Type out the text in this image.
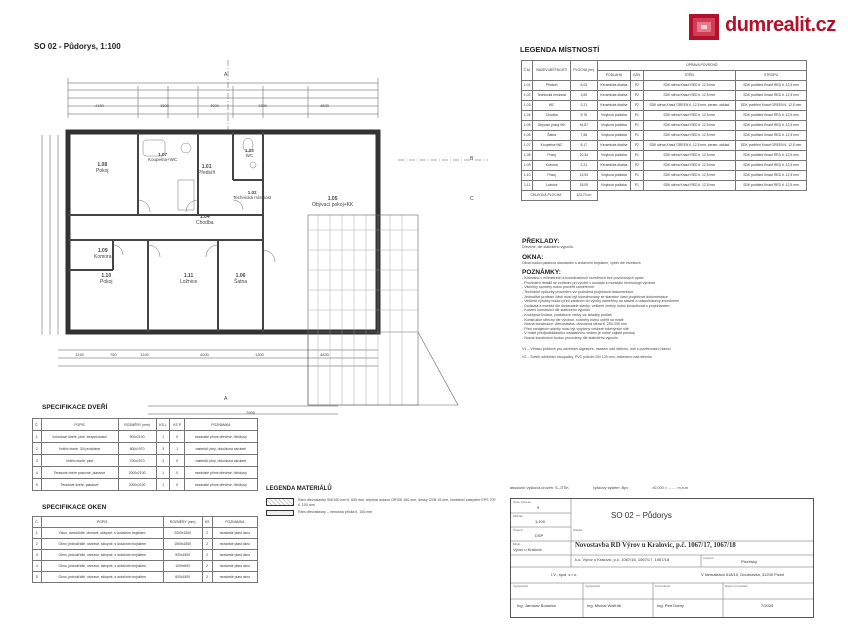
dumrealit.cz
SO 02 - Půdorys, 1:100
1.08
Pokoj
1.07
Koupelna+WC
1.01
Předsíň
1.03
WC
1.02
Technická místnost
1.04
Chodba
1.05
Obývací pokoj+KK
1.09
Komora
1.10
Pokoj
1.11
Ložnice
1.06
Šatna
4150	1500	4000	1300	4830
1240	750	1240	4000	1300	4830
7955
A
A
B
C
LEGENDA MÍSTNOSTÍ
Č.M.	NÁZEV MÍSTNOSTI	PLOCHA (m²)	ÚPRAVA POVRCHŮ			
			PODLAHA	OZN.	STĚN	STROPU
1.01	Předsíň	6,03	Keramická dlažba	P2	SDK stěna Knauf RED tl. 12,5 mm	SDK podhled Knauf RED tl. 12,5 mm
1.02	Technická místnost	3,69	Keramická dlažba	P2	SDK stěna Knauf RED tl. 12,5 mm	SDK podhled Knauf RED tl. 12,5 mm
1.03	WC	2,21	Keramická dlažba	P2	SDK stěna Knauf GREEN tl. 12,5 mm, keram. obklad	SDK podhled Knauf GREEN tl. 12,5 mm
1.04	Chodba	9,76	Vinylová podlaha	P1	SDK stěna Knauf RED tl. 12,5 mm	SDK podhled Knauf RED tl. 12,5 mm
1.05	Obývací pokoj+KK	44,87	Vinylová podlaha	P1	SDK stěna Knauf RED tl. 12,5 mm	SDK podhled Knauf RED tl. 12,5 mm
1.06	Šatna	7,55	Vinylová podlaha	P1	SDK stěna Knauf RED tl. 12,5 mm	SDK podhled Knauf RED tl. 12,5 mm
1.07	Koupelna+WC	8,17	Keramická dlažba	P2	SDK stěna Knauf GREEN tl. 12,5 mm, keram. obklad	SDK podhled Knauf GREEN tl. 12,5 mm
1.08	Pokoj	10,34	Vinylová podlaha	P1	SDK stěna Knauf RED tl. 12,5 mm	SDK podhled Knauf RED tl. 12,5 mm
1.09	Komora	2,21	Keramická dlažba	P2	SDK stěna Knauf RED tl. 12,5 mm	SDK podhled Knauf RED tl. 12,5 mm
1.10	Pokoj	13,94	Vinylová podlaha	P1	SDK stěna Knauf RED tl. 12,5 mm	SDK podhled Knauf RED tl. 12,5 mm
1.11	Ložnice	15,05	Vinylová podlaha	P1	SDK stěna Knauf RED tl. 12,5 mm	SDK podhled Knauf RED tl. 12,5 mm
CELKOVÁ PLOCHA		123,73 m²				
PŘEKLADY:
Dřevěné, dle statického výpočtu.
OKNA:
Okna budou plastová standardní s izolačním trojsklem, výběr dle investora
POZNÁMKY:
- Kótováno v milimetrech a koordinačních rozměrech bez povrchových úprav
- Provedení detailů se zohlední při výrobě v souladu s montážní technologií výrobce
- Všechny rozměry nutno prověřit zaměřením
- Technické způsoby provedení viz podrobná projektová dokumentace
- Jednotlivé profesní části musí být koordinovány se stavební částí projektové dokumentace
- Veškeré výrobky budou před zadáním do výroby zaměřeny na stavbě a odsouhlaseny investorem
- Dodávka a montáž dle dodavatele stavby, veškeré změny nutno konzultovat s projektantem
- Kotvení konstrukcí dle statického výpočtu
- Kročejová izolace, podlahové vrstvy viz skladby podlah
- Konstrukce střechy dle výrobce, rozměry nutno ověřit na místě
- Nosná konstrukce: dřevostavba, obvodová stěna tl. 250-300 mm
- Před zahájením stavby musí být vytyčeny veškeré inženýrské sítě
- V místě předpokládaného instalačního vedení je nutné zajistit prostup
- Nosné konstrukce budou provedeny dle statického výpočtu
V1 – Větrací průduch pro odvětrání digestoře, osazení nad střechu, ústí s povětrnostní hlavicí
V2 – Svislé odvětrání stoupačky, PVC potrubí DN 125 mm, odvedeno nad střechu
SPECIFIKACE DVEŘÍ
Č.	POPIS	ROZMĚRY (mm)	KS L	KS P	POZNÁMKA
1	Vchodové dveře, plné, bezpečnostní	900x2100	1	0	nezávislé přímé dřevěné, hliníkový
2	Vnitřní dveře, 3/4 prosklené	800x1970	3	1	materiál: plný, obložková zárubeň
3	Vnitřní dveře, plné	700x1970	3	0	materiál: plný, obložková zárubeň
4	Terasové dveře posuvné, plastové	2000x2100	1	0	nezávislé přímé dřevěné, hliníkový
5	Terasové dveře, plastové	2000x2100	1	0	nezávislé přímé dřevěné, hliníkový
SPECIFIKACE OKEN
Č.	POPIS	ROZMĚRY (mm)	KS	POZNÁMKA
1	Okno, dvoukřídlé, otvíravé, sklopné, s izolačním trojsklem	2000x1500	2	nezávislé plast okno
2	Okno, jednokřídlé, otvíravé, sklopné, s izolačním trojsklem	1500x1500	2	nezávislé plast okno
3	Okno, jednokřídlé, otvíravé, sklopné, s izolačním trojsklem	900x1500	2	nezávislé plast okno
4	Okno, jednokřídlé, otvíravé, sklopné, s izolačním trojsklem	1000x500	2	nezávislé plast okno
5	Okno, jednokřídlé, otvíravé, sklopné, s izolačním trojsklem	600x1500	2	nezávislé plast okno
LEGENDA MATERIÁLŮ
Rám dřevostavby SM/160 mm tl. 605 mm, tepelná izolace ORSIK 160 mm, desky OSB 15 mm, kontaktní zateplení EPS 70F tl. 100 mm
Rám dřevostavby – nenosná příčka tl. 150 mm
absolutní výšková úroveň: S–JTSK	výškový systém: Bpv	±0,000 = ........ m.n.m
Číslo výkresu
9
SO 02 – Půdorys
Měřítko
1:100
Stupeň
DSP
Stavba
Místo
Výrov u Kralovic
Novostavba RD Výrov u Kralovic, p.č. 1067/17, 1067/18
k.ú. Výrov u Kralovic, p.č. 1067/16, 1067/17, 1067/18	Investor
Plzeňský
I.V., spol. s r.o.	V Nemalkách 518/10, Doubravka, 31200 Plzeň
Vypracoval
Ing. Jaroslav Bodurka
Vypracoval
Ing. Michal Wolfröb
Kontroloval
Ing. Petr Dobrý
Datum provedení
7/2025
